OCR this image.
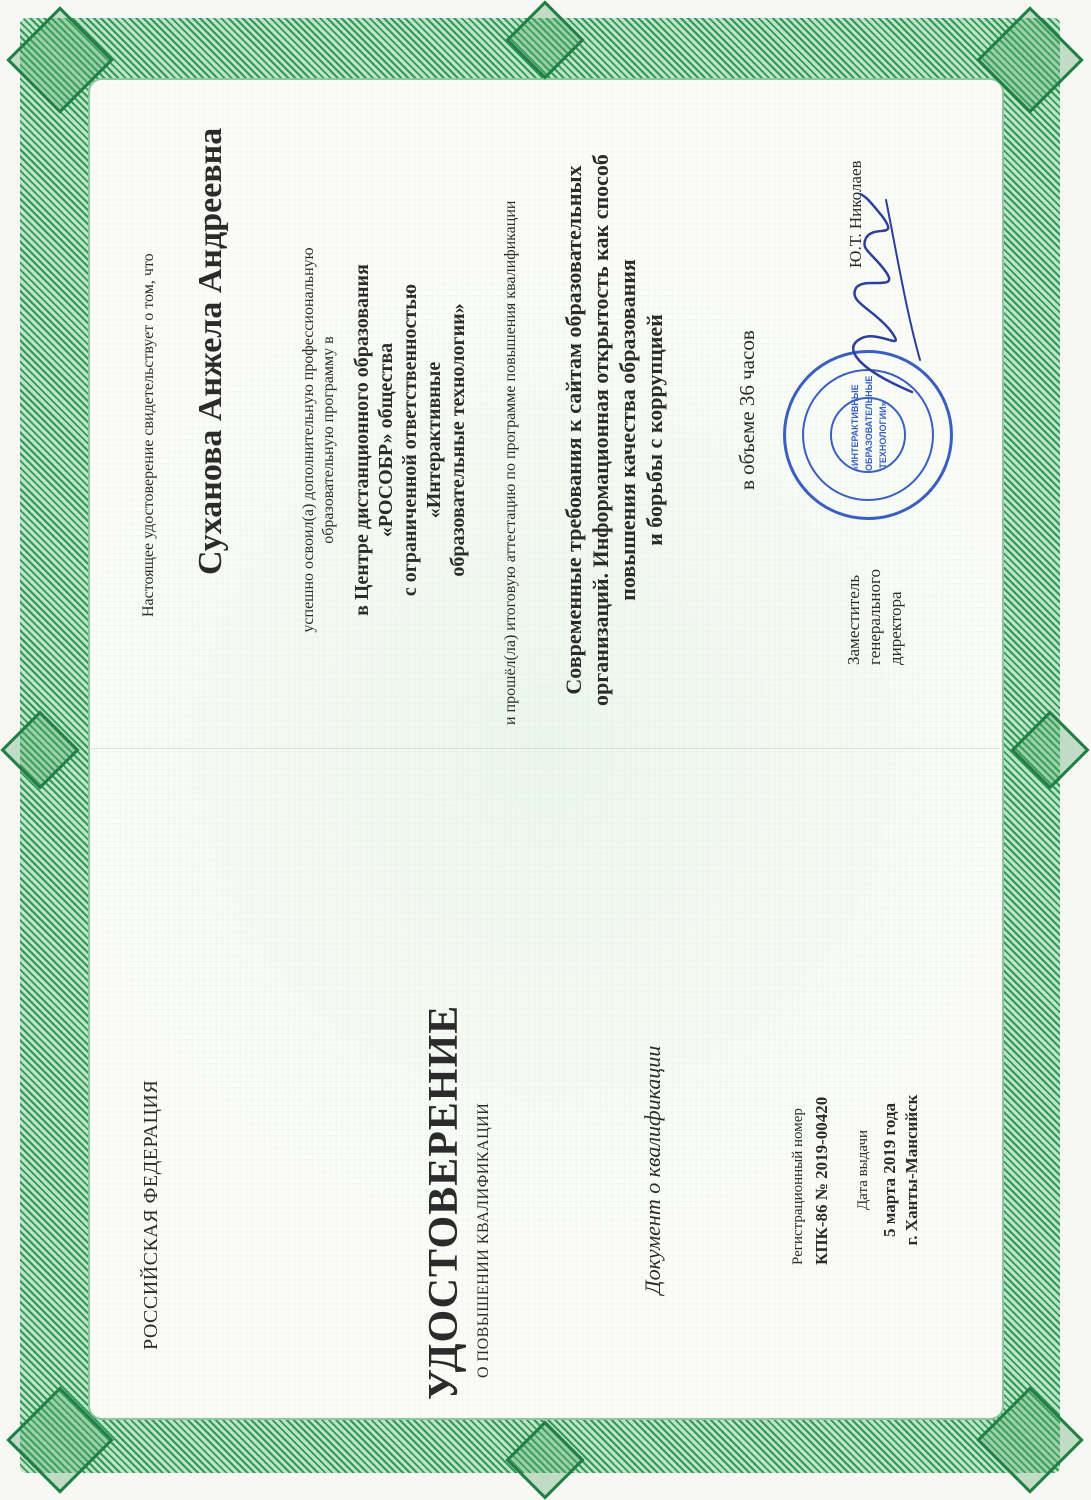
РОССИЙСКАЯ ФЕДЕРАЦИЯ	УДОСТОВЕРЕНИЕ О ПОВЫШЕНИИ КВАЛИФИКАЦИИ	Документ о квалификации	Регистрационный номер КПК-86 № 2019-00420 Дата выдачи 5 марта 2019 года г. Ханты-Мансийск
Настоящее удостоверение свидетельствует о том, что Суханова Анжела Андреевна	успешно освоил(а) дополнительную профессиональную образовательную программу в в Центре дистанционного образования «РОСОБР» общества с ограниченной ответственностью «Интерактивные образовательные технологии» и прошёл(ла) итоговую аттестацию по программе повышения квалификации Современные требования к сайтам образовательных организаций. Информационная открытость как способ повышения качества образования и борьбы с коррупцией	в объеме 36 часов
Заместитель генерального директора
Ю.Т. Николаев
«ИНТЕРАКТИВНЫЕ ОБРАЗОВАТЕЛЬНЫЕ ТЕХНОЛОГИИ»
